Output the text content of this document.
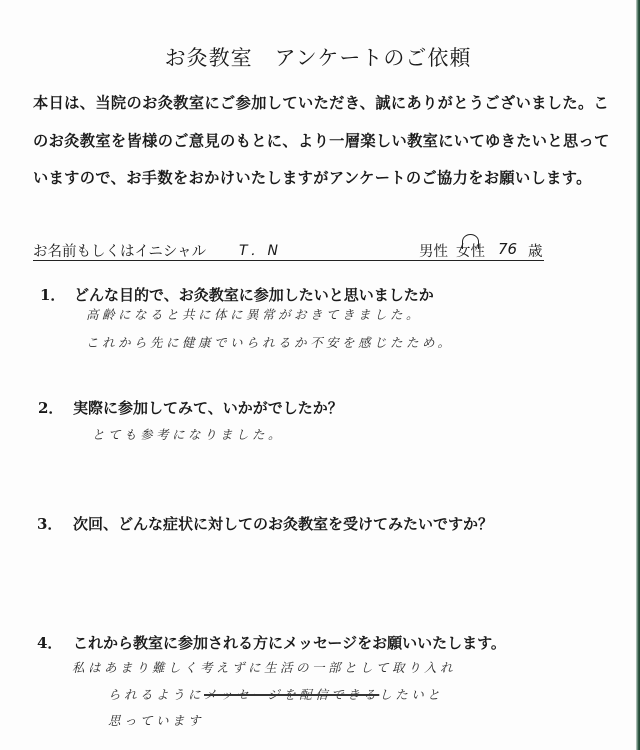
お灸教室　アンケートのご依頼
本日は、当院のお灸教室にご参加していただき、誠にありがとうございました。こ
のお灸教室を皆様のご意見のもとに、より一層楽しい教室にいてゆきたいと思って
いますので、お手数をおかけいたしますがアンケートのご協力をお願いします。
お名前もしくはイニシャル T．N	男性 女性 76 歳
1． どんな目的で、お灸教室に参加したいと思いましたか
高齢になると共に体に異常がおきてきました。
これから先に健康でいられるか不安を感じたため。
2． 実際に参加してみて、いかがでしたか？
とても参考になりました。
3． 次回、どんな症状に対してのお灸教室を受けてみたいですか？
4． これから教室に参加される方にメッセージをお願いいたします。
私はあまり難しく考えずに生活の一部として取り入れ
られるようにメッセージを配信できるしたいと
思っています
